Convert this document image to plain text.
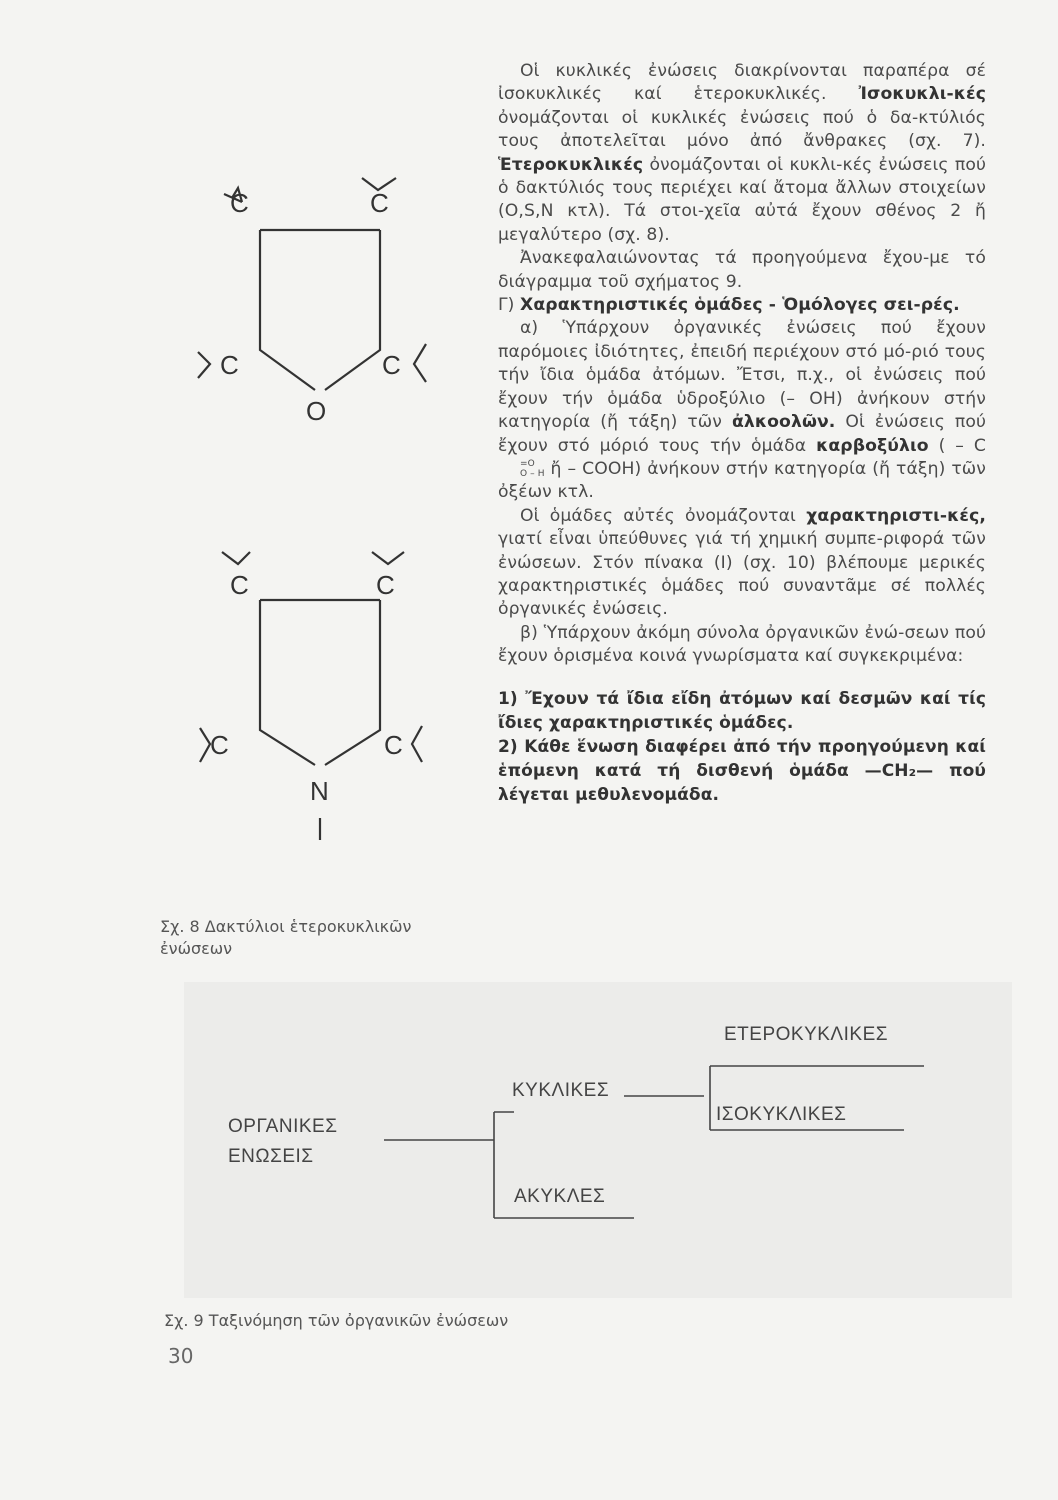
C	C
C	C
O
C	C
C	C
N
Σχ. 8 Δακτύλιοι ἑτεροκυκλικῶν ἐνώσεων

Οἱ κυκλικές ἐνώσεις διακρίνονται παραπέρα σέ ἰσοκυκλικές καί ἑτεροκυκλικές. Ἰσοκυκλι-κές ὀνομάζονται οἱ κυκλικές ἐνώσεις πού ὁ δα-κτύλιός τους ἀποτελεῖται μόνο ἀπό ἄνθρακες (σχ. 7). Ἑτεροκυκλικές ὀνομάζονται οἱ κυκλι-κές ἐνώσεις πού ὁ δακτύλιός τους περιέχει καί ἄτομα ἄλλων στοιχείων (O,S,N κτλ). Τά στοι-χεῖα αὐτά ἔχουν σθένος 2 ἤ μεγαλύτερο (σχ. 8).

Ἀνακεφαλαιώνοντας τά προηγούμενα ἔχου-με τό διάγραμμα τοῦ σχήματος 9.

Γ) Χαρακτηριστικές ὁμάδες - Ὁμόλογες σει-ρές.

α) Ὑπάρχουν ὀργανικές ἐνώσεις πού ἔχουν παρόμοιες ἰδιότητες, ἐπειδή περιέχουν στό μό-ριό τους τήν ἴδια ὁμάδα ἀτόμων. Ἔτσι, π.χ., οἱ ἐνώσεις πού ἔχουν τήν ὁμάδα ὑδροξύλιο (– ΟΗ) ἀνήκουν στήν κατηγορία (ἤ τάξη) τῶν ἀλκοολῶν. Οἱ ἐνώσεις πού ἔχουν στό μόριό τους τήν ὁμάδα καρβοξύλιο ( – C
=O
O – H ἤ – COOH) ἀνήκουν στήν κατηγορία (ἤ τάξη) τῶν ὀξέων κτλ.

Οἱ ὁμάδες αὐτές ὀνομάζονται χαρακτηριστι-κές, γιατί εἶναι ὑπεύθυνες γιά τή χημική συμπε-ριφορά τῶν ἐνώσεων. Στόν πίνακα (I) (σχ. 10) βλέπουμε μερικές χαρακτηριστικές ὁμάδες πού συναντᾶμε σέ πολλές ὀργανικές ἐνώσεις.

β) Ὑπάρχουν ἀκόμη σύνολα ὀργανικῶν ἐνώ-σεων πού ἔχουν ὁρισμένα κοινά γνωρίσματα καί συγκεκριμένα:

1) Ἔχουν τά ἴδια εἴδη ἀτόμων καί δεσμῶν καί τίς ἴδιες χαρακτηριστικές ὁμάδες.

2) Κάθε ἕνωση διαφέρει ἀπό τήν προηγούμενη καί ἑπόμενη κατά τή δισθενή ὁμάδα —CH₂— πού λέγεται μεθυλενομάδα.

ΟΡΓΑΝΙΚΕΣ
ΕΝΩΣΕΙΣ
ΚΥΚΛΙΚΕΣ
ΑΚΥΚΛΕΣ
ΕΤΕΡΟΚΥΚΛΙΚΕΣ
ΙΣΟΚΥΚΛΙΚΕΣ
Σχ. 9 Ταξινόμηση τῶν ὀργανικῶν ἐνώσεων
30
